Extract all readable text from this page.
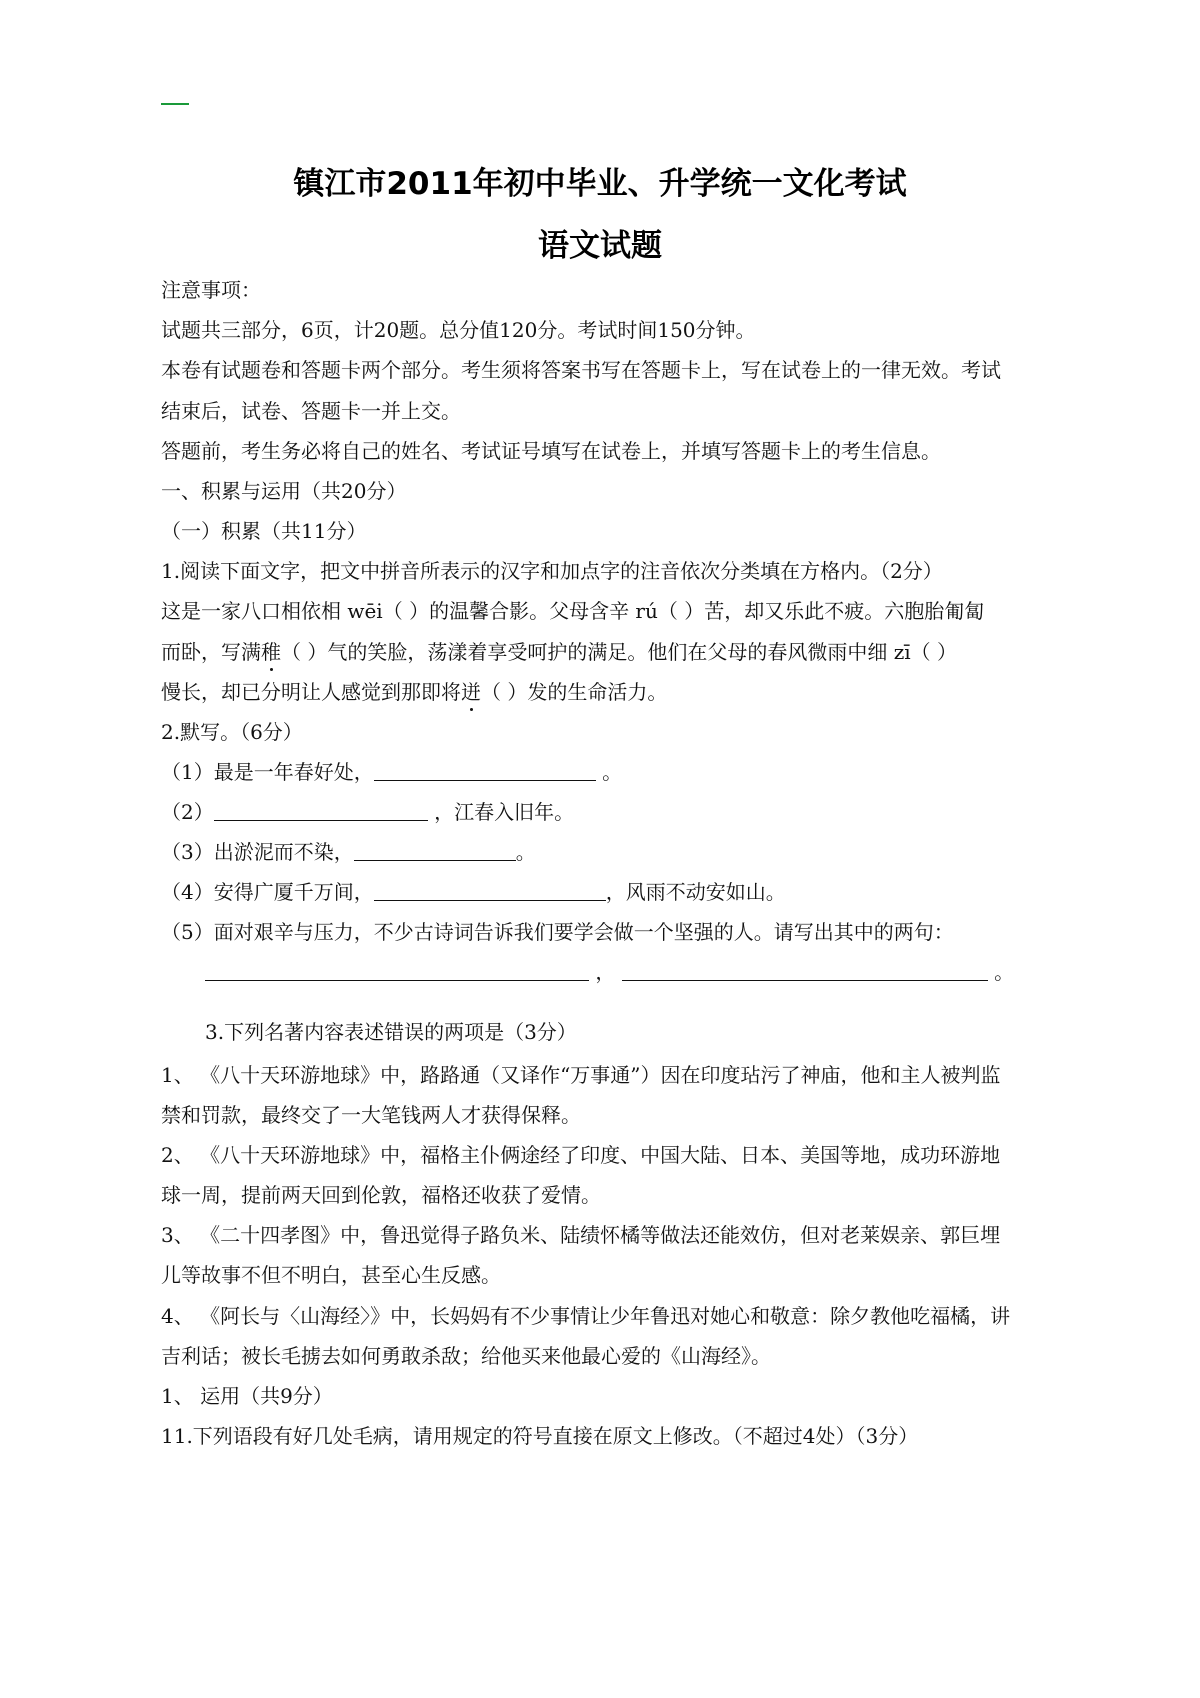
镇江市2011年初中毕业、升学统一文化考试
语文试题
注意事项：
试题共三部分，6页，计20题。总分值120分。考试时间150分钟。
本卷有试题卷和答题卡两个部分。考生须将答案书写在答题卡上，写在试卷上的一律无效。考试
结束后，试卷、答题卡一并上交。
答题前，考生务必将自己的姓名、考试证号填写在试卷上，并填写答题卡上的考生信息。
一、积累与运用（共20分）
（一）积累（共11分）
1.阅读下面文字，把文中拼音所表示的汉字和加点字的注音依次分类填在方格内。（2分）
这是一家八口相依相 wēi（ ）的温馨合影。父母含辛 rú（ ）苦，却又乐此不疲。六胞胎匍匐
而卧，写满稚（ ）气的笑脸，荡漾着享受呵护的满足。他们在父母的春风微雨中细 zī（ ）
慢长，却已分明让人感觉到那即将迸（ ）发的生命活力。
2.默写。（6分）
（1）最是一年春好处，	。
（2）	，江春入旧年。
（3）出淤泥而不染，	。
（4）安得广厦千万间，	，风雨不动安如山。
（5）面对艰辛与压力，不少古诗词告诉我们要学会做一个坚强的人。请写出其中的两句：
，	。
3.下列名著内容表述错误的两项是（3分）
1、 《八十天环游地球》中，路路通（又译作“万事通”）因在印度玷污了神庙，他和主人被判监
禁和罚款，最终交了一大笔钱两人才获得保释。
2、 《八十天环游地球》中，福格主仆俩途经了印度、中国大陆、日本、美国等地，成功环游地
球一周，提前两天回到伦敦，福格还收获了爱情。
3、 《二十四孝图》中，鲁迅觉得子路负米、陆绩怀橘等做法还能效仿，但对老莱娱亲、郭巨埋
儿等故事不但不明白，甚至心生反感。
4、 《阿长与〈山海经〉》中，长妈妈有不少事情让少年鲁迅对她心和敬意：除夕教他吃福橘，讲
吉利话；被长毛掳去如何勇敢杀敌；给他买来他最心爱的《山海经》。
1、 运用（共9分）
11.下列语段有好几处毛病，请用规定的符号直接在原文上修改。（不超过4处）（3分）
